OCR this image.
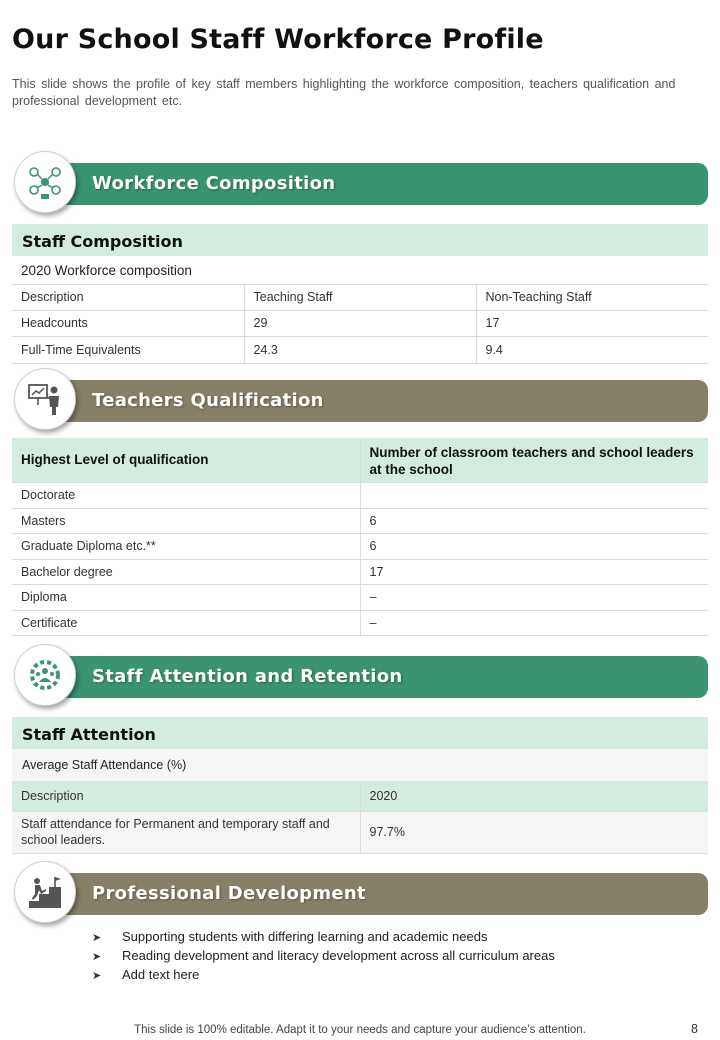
Our School Staff Workforce Profile
This slide shows the profile of key staff members highlighting the workforce composition, teachers qualification and professional development etc.
Workforce Composition
Staff Composition
2020 Workforce composition
Description	Teaching Staff	Non-Teaching Staff
Headcounts	29	17
Full-Time Equivalents	24.3	9.4
Teachers Qualification
Highest Level of qualification	Number of classroom teachers and school leaders at the school
Doctorate	
Masters	6
Graduate Diploma etc.**	6
Bachelor degree	17
Diploma	–
Certificate	–
Staff Attention and Retention
Staff Attention
Average Staff Attendance (%)
Description	2020
Staff attendance for Permanent and temporary staff and school leaders.	97.7%
Professional Development
➤ Supporting students with differing learning and academic needs
➤ Reading development and literacy development across all curriculum areas
➤ Add text here
This slide is 100% editable. Adapt it to your needs and capture your audience’s attention.	8
